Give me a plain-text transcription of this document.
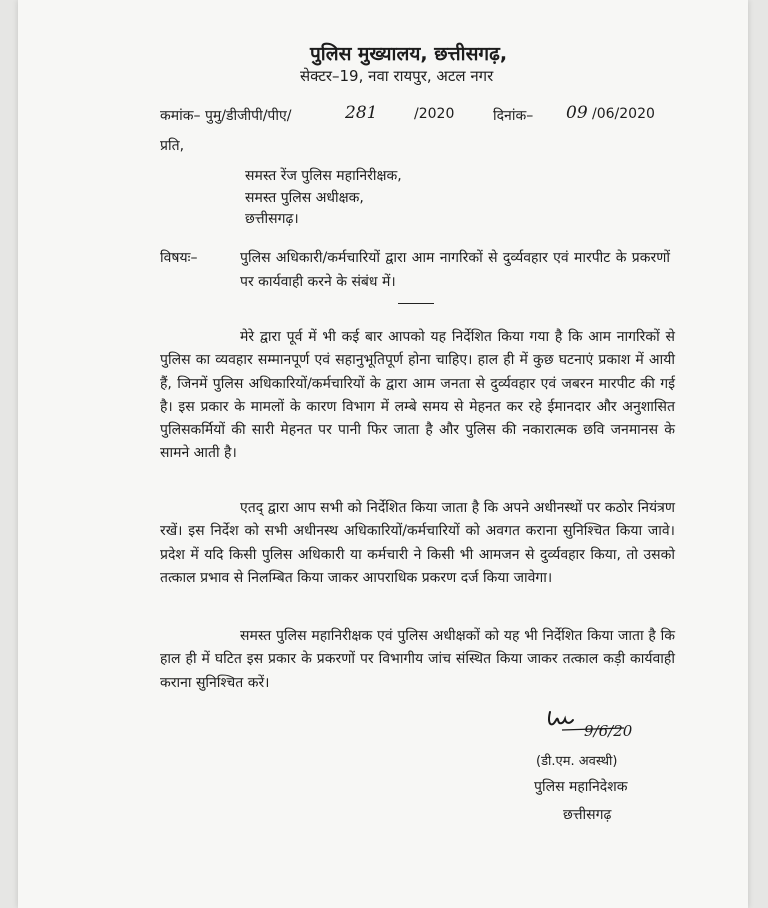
पुलिस मुख्यालय, छत्तीसगढ़,
सेक्टर–19, नवा रायपुर, अटल नगर
कमांक– पुमु/डीजीपी/पीए/	281	/2020	दिनांक– 09 /06/2020
प्रति,
समस्त रेंज पुलिस महानिरीक्षक,
समस्त पुलिस अधीक्षक,
छत्तीसगढ़।
विषयः–	पुलिस अधिकारी/कर्मचारियों द्वारा आम नागरिकों से दुर्व्यवहार एवं मारपीट के प्रकरणों पर कार्यवाही करने के संबंध में।
मेरे द्वारा पूर्व में भी कई बार आपको यह निर्देशित किया गया है कि आम नागरिकों से पुलिस का व्यवहार सम्मानपूर्ण एवं सहानुभूतिपूर्ण होना चाहिए। हाल ही में कुछ घटनाएं प्रकाश में आयी हैं, जिनमें पुलिस अधिकारियों/कर्मचारियों के द्वारा आम जनता से दुर्व्यवहार एवं जबरन मारपीट की गई है। इस प्रकार के मामलों के कारण विभाग में लम्बे समय से मेहनत कर रहे ईमानदार और अनुशासित पुलिसकर्मियों की सारी मेहनत पर पानी फिर जाता है और पुलिस की नकारात्मक छवि जनमानस के सामने आती है।
एतद् द्वारा आप सभी को निर्देशित किया जाता है कि अपने अधीनस्थों पर कठोर नियंत्रण रखें। इस निर्देश को सभी अधीनस्थ अधिकारियों/कर्मचारियों को अवगत कराना सुनिश्चित किया जावे। प्रदेश में यदि किसी पुलिस अधिकारी या कर्मचारी ने किसी भी आमजन से दुर्व्यवहार किया, तो उसको तत्काल प्रभाव से निलम्बित किया जाकर आपराधिक प्रकरण दर्ज किया जावेगा।
समस्त पुलिस महानिरीक्षक एवं पुलिस अधीक्षकों को यह भी निर्देशित किया जाता है कि हाल ही में घटित इस प्रकार के प्रकरणों पर विभागीय जांच संस्थित किया जाकर तत्काल कड़ी कार्यवाही कराना सुनिश्चित करें।
9/6/20
(डी.एम. अवस्थी)
पुलिस महानिदेशक
छत्तीसगढ़
